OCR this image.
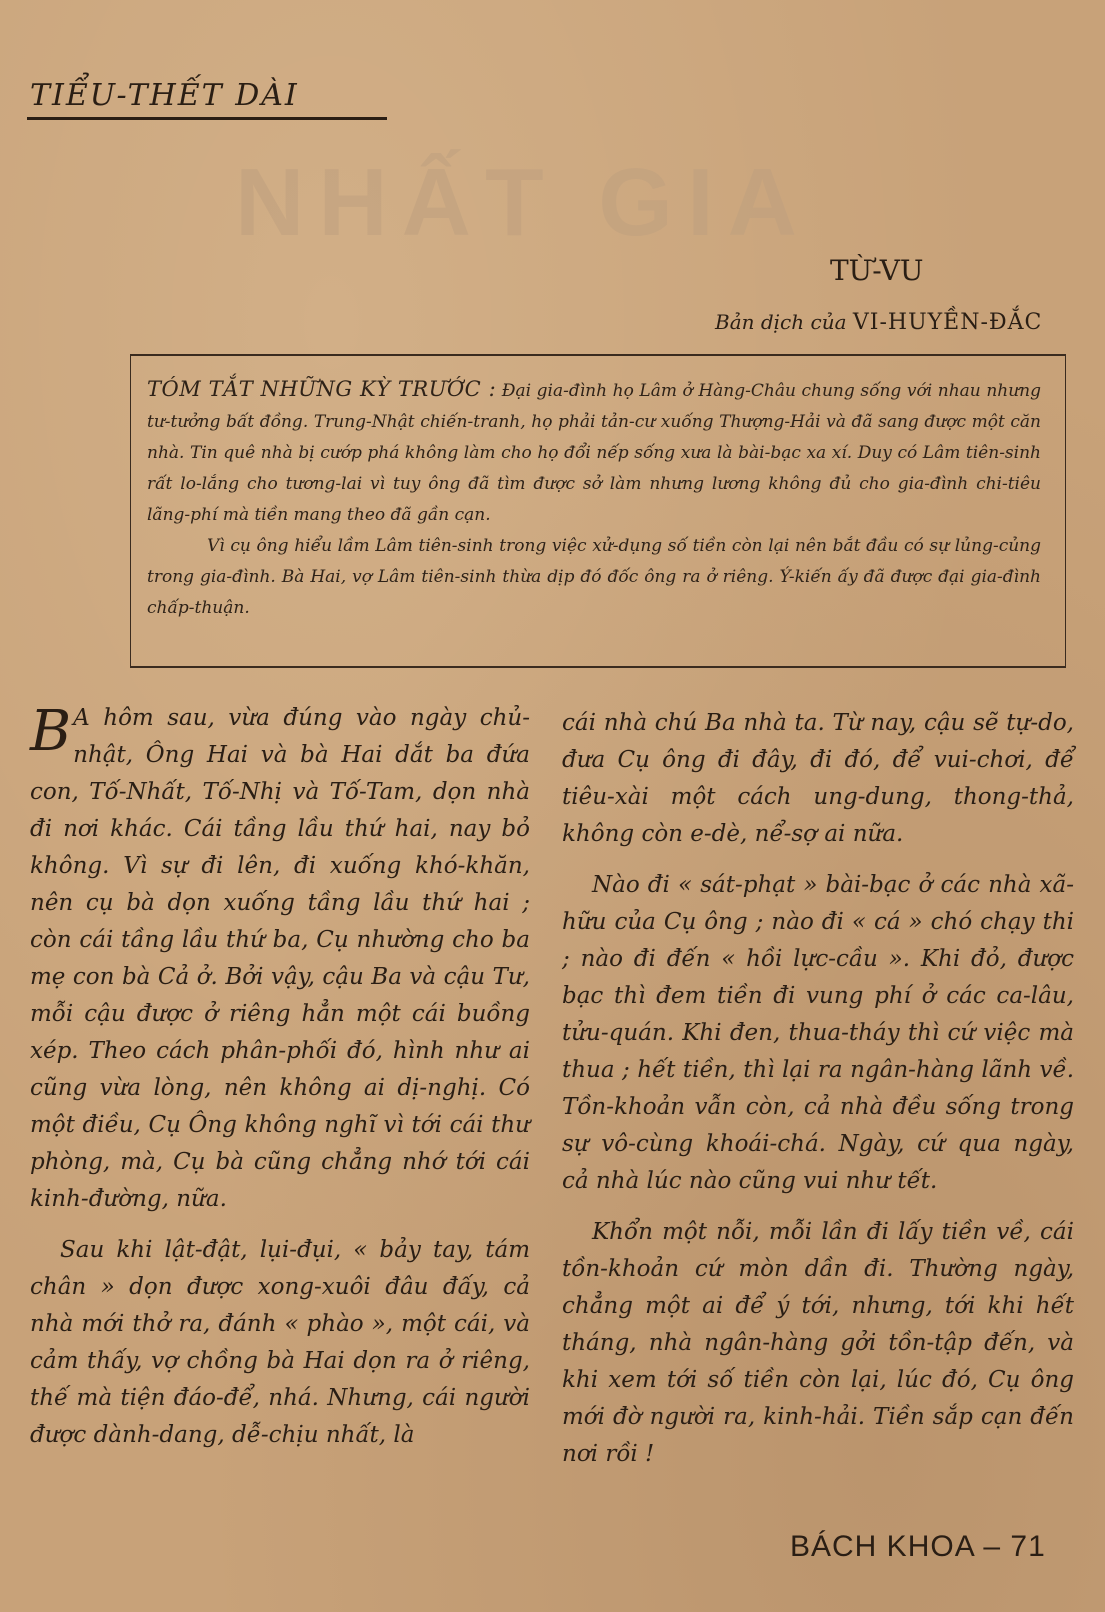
TIỂU-THẾT DÀI
NHẤT GIA
TỪ-VU
Bản dịch của VI-HUYỀN-ĐẮC

TÓM TẮT NHỮNG KỲ TRƯỚC : Đại gia-đình họ Lâm ở Hàng-Châu chung sống với nhau nhưng tư-tưởng bất đồng. Trung-Nhật chiến-tranh, họ phải tản-cư xuống Thượng-Hải và đã sang được một căn nhà. Tin quê nhà bị cướp phá không làm cho họ đổi nếp sống xưa là bài-bạc xa xí. Duy có Lâm tiên-sinh rất lo-lắng cho tương-lai vì tuy ông đã tìm được sở làm nhưng lương không đủ cho gia-đình chi-tiêu lãng-phí mà tiền mang theo đã gần cạn.

Vì cụ ông hiểu lầm Lâm tiên-sinh trong việc xử-dụng số tiền còn lại nên bắt đầu có sự lủng-củng trong gia-đình. Bà Hai, vợ Lâm tiên-sinh thừa dịp đó đốc ông ra ở riêng. Ý-kiến ấy đã được đại gia-đình chấp-thuận.

B A hôm sau, vừa đúng vào ngày chủ-nhật, Ông Hai và bà Hai dắt ba đứa con, Tố-Nhất, Tố-Nhị và Tố-Tam, dọn nhà đi nơi khác. Cái tầng lầu thứ hai, nay bỏ không. Vì sự đi lên, đi xuống khó-khăn, nên cụ bà dọn xuống tầng lầu thứ hai ; còn cái tầng lầu thứ ba, Cụ nhường cho ba mẹ con bà Cả ở. Bởi vậy, cậu Ba và cậu Tư, mỗi cậu được ở riêng hẳn một cái buồng xép. Theo cách phân-phối đó, hình như ai cũng vừa lòng, nên không ai dị-nghị. Có một điều, Cụ Ông không nghĩ vì tới cái thư phòng, mà, Cụ bà cũng chẳng nhớ tới cái kinh-đường, nữa.

Sau khi lật-đật, lụi-đụi, « bảy tay, tám chân » dọn được xong-xuôi đâu đấy, cả nhà mới thở ra, đánh « phào », một cái, và cảm thấy, vợ chồng bà Hai dọn ra ở riêng, thế mà tiện đáo-để, nhá. Nhưng, cái người được dành-dang, dễ-chịu nhất, là

cái nhà chú Ba nhà ta. Từ nay, cậu sẽ tự-do, đưa Cụ ông đi đây, đi đó, để vui-chơi, để tiêu-xài một cách ung-dung, thong-thả, không còn e-dè, nể-sợ ai nữa.

Nào đi « sát-phạt » bài-bạc ở các nhà xã-hữu của Cụ ông ; nào đi « cá » chó chạy thi ; nào đi đến « hồi lực-cầu ». Khi đỏ, được bạc thì đem tiền đi vung phí ở các ca-lâu, tửu-quán. Khi đen, thua-tháy thì cứ việc mà thua ; hết tiền, thì lại ra ngân-hàng lãnh về. Tồn-khoản vẫn còn, cả nhà đều sống trong sự vô-cùng khoái-chá. Ngày, cứ qua ngày, cả nhà lúc nào cũng vui như tết.

Khổn một nỗi, mỗi lần đi lấy tiền về, cái tồn-khoản cứ mòn dần đi. Thường ngày, chẳng một ai để ý tới, nhưng, tới khi hết tháng, nhà ngân-hàng gởi tồn-tập đến, và khi xem tới số tiền còn lại, lúc đó, Cụ ông mới đờ người ra, kinh-hải. Tiền sắp cạn đến nơi rồi !

BÁCH KHOA – 71
